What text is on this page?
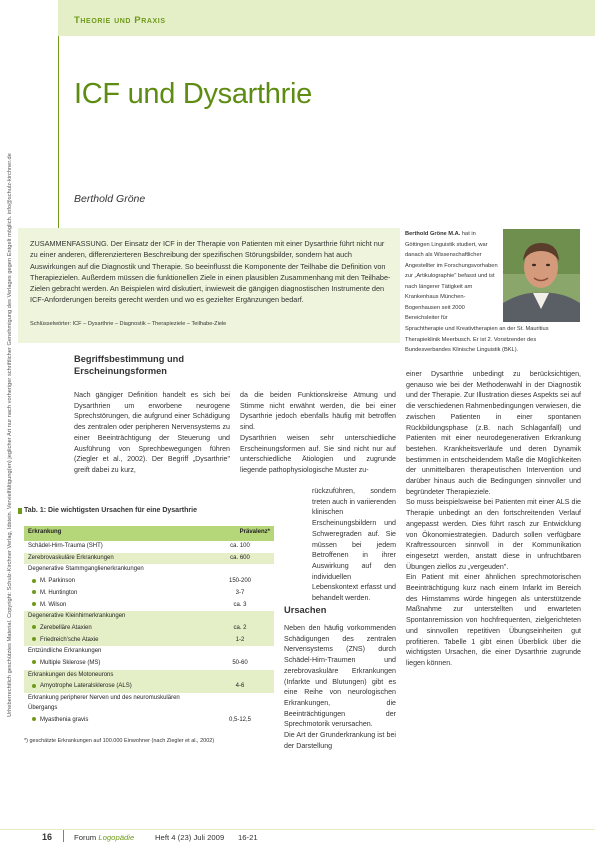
Urheberrechtlich geschütztes Material. Copyright: Schulz-Kirchner Verlag, Idstein. Vervielfältigung(en) jeglicher Art nur nach vorheriger schriftlicher Genehmigung des Verlages gegen Entgelt möglich. info@schulz-kirchner.de
Theorie und Praxis
ICF und Dysarthrie
Berthold Gröne
ZUSAMMENFASSUNG. Der Einsatz der ICF in der Therapie von Patienten mit einer Dysarthrie führt nicht nur zu einer anderen, differenzierteren Beschreibung der spezifischen Störungsbilder, sondern hat auch Auswirkungen auf die Diagnostik und Therapie. So beeinflusst die Komponente der Teilhabe die Definition von Therapiezielen. Außerdem müssen die funktionellen Ziele in einen plausiblen Zusammenhang mit den Teilhabe-Zielen gebracht werden. An Beispielen wird diskutiert, inwieweit die gängigen diagnostischen Instrumente den ICF-Anforderungen bereits gerecht werden und wo es gezielter Ergänzungen bedarf.
Schlüsselwörter: ICF – Dysarthrie – Diagnostik – Therapieziele – Teilhabe-Ziele
Berthold Gröne M.A. hat in Göttingen Linguistik studiert, war danach als Wissenschaftlicher Angestellter im Forschungsvorhaben zur „Artikulographie" befasst und ist nach längerer Tätigkeit am Krankenhaus München-Bogenhausen seit 2000 Bereichsleiter für
Sprachtherapie und Kreativtherapien an der St. Mauritius Therapieklinik Meerbusch. Er ist 2. Vorsitzender des Bundesverbandes Klinische Linguistik (BKL).
Begriffsbestimmung und Erscheinungsformen

Nach gängiger Definition handelt es sich bei Dysarthrien um erworbene neurogene Sprechstörungen, die aufgrund einer Schädigung des zentralen oder peripheren Nervensystems zu einer Beeinträchtigung der Steuerung und Ausführung von Sprechbewegungen führen (Ziegler et al., 2002). Der Begriff „Dysarthrie" greift dabei zu kurz,

da die beiden Funktionskreise Atmung und Stimme nicht erwähnt werden, die bei einer Dysarthrie jedoch ebenfalls häufig mit betroffen sind.

Dysarthrien weisen sehr unterschiedliche Erscheinungsformen auf. Sie sind nicht nur auf unterschiedliche Ätiologien und zugrunde liegende pathophysiologische Muster zu-

rückzuführen, sondern treten auch in variierenden klinischen Erscheinungsbildern und Schweregraden auf. Sie müssen bei jedem Betroffenen in ihrer Auswirkung auf den individuellen Lebenskontext erfasst und behandelt werden.

Ursachen

Neben den häufig vorkommenden Schädigungen des zentralen Nervensystems (ZNS) durch Schädel-Hirn-Traumen und zerebrovaskuläre Erkrankungen (Infarkte und Blutungen) gibt es eine Reihe von neurologischen Erkrankungen, die Beeinträchtigungen der Sprechmotorik verursachen.

Die Art der Grunderkrankung ist bei der Darstellung

einer Dysarthrie unbedingt zu berücksichtigen, genauso wie bei der Methodenwahl in der Diagnostik und der Therapie. Zur Illustration dieses Aspekts sei auf die verschiedenen Rahmenbedingungen verwiesen, die zwischen Patienten in einer spontanen Rückbildungsphase (z.B. nach Schlaganfall) und Patienten mit einer neurodegenerativen Erkrankung bestehen. Krankheitsverläufe und deren Dynamik bestimmen in entscheidendem Maße die Möglichkeiten der unmittelbaren therapeutischen Intervention und darüber hinaus auch die Bedingungen sinnvoller und begründeter Therapieziele.

So muss beispielsweise bei Patienten mit einer ALS die Therapie unbedingt an den fortschreitenden Verlauf angepasst werden. Dies führt rasch zur Entwicklung von Ökonomiestrategien. Dadurch sollen verfügbare Kraftressourcen sinnvoll in der Kommunikation eingesetzt werden, anstatt diese in unfruchtbaren Übungen ziellos zu „vergeuden".

Ein Patient mit einer ähnlichen sprechmotorischen Beeinträchtigung kurz nach einem Infarkt im Bereich des Hirnstamms würde hingegen als unterstützende Maßnahme zur unterstellten und erwarteten Spontanremission von hochfrequenten, zielgerichteten und sinnvollen repetitiven Übungseinheiten gut profitieren. Tabelle 1 gibt einen Überblick über die wichtigsten Ursachen, die einer Dysarthrie zugrunde liegen können.

Tab. 1: Die wichtigsten Ursachen für eine Dysarthrie
Erkrankung	Prävalenz*
Schädel-Hirn-Trauma (SHT)	ca. 100
Zerebrovaskuläre Erkrankungen	ca. 600
Degenerative Stammganglienerkrankungen	
M. Parkinson	150-200
M. Huntington	3-7
M. Wilson	ca. 3
Degenerative Kleinhirnerkrankungen	
Zerebelläre Ataxien	ca. 2
Friedreich'sche Ataxie	1-2
Entzündliche Erkrankungen	
Multiple Sklerose (MS)	50-60
Erkrankungen des Motoneurons	
Amyotrophe Lateralsklerose (ALS)	4-6
Erkrankung peripherer Nerven und des neuromuskulären Übergangs	
Myasthenia gravis	0,5-12,5
*) geschätzte Erkrankungen auf 100.000 Einwohner (nach Ziegler et al., 2002)
16	Forum Logopädie	Heft 4 (23) Juli 2009 16-21
